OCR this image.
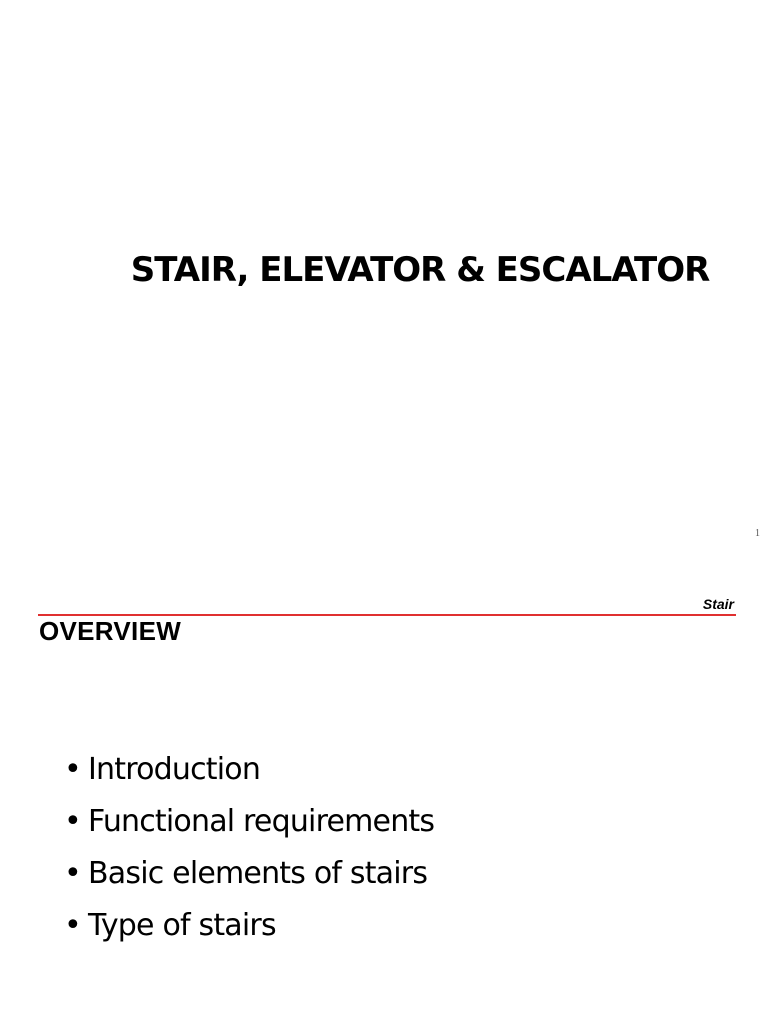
STAIR, ELEVATOR & ESCALATOR
1
Stair
OVERVIEW
• Introduction
• Functional requirements
• Basic elements of stairs
• Type of stairs
